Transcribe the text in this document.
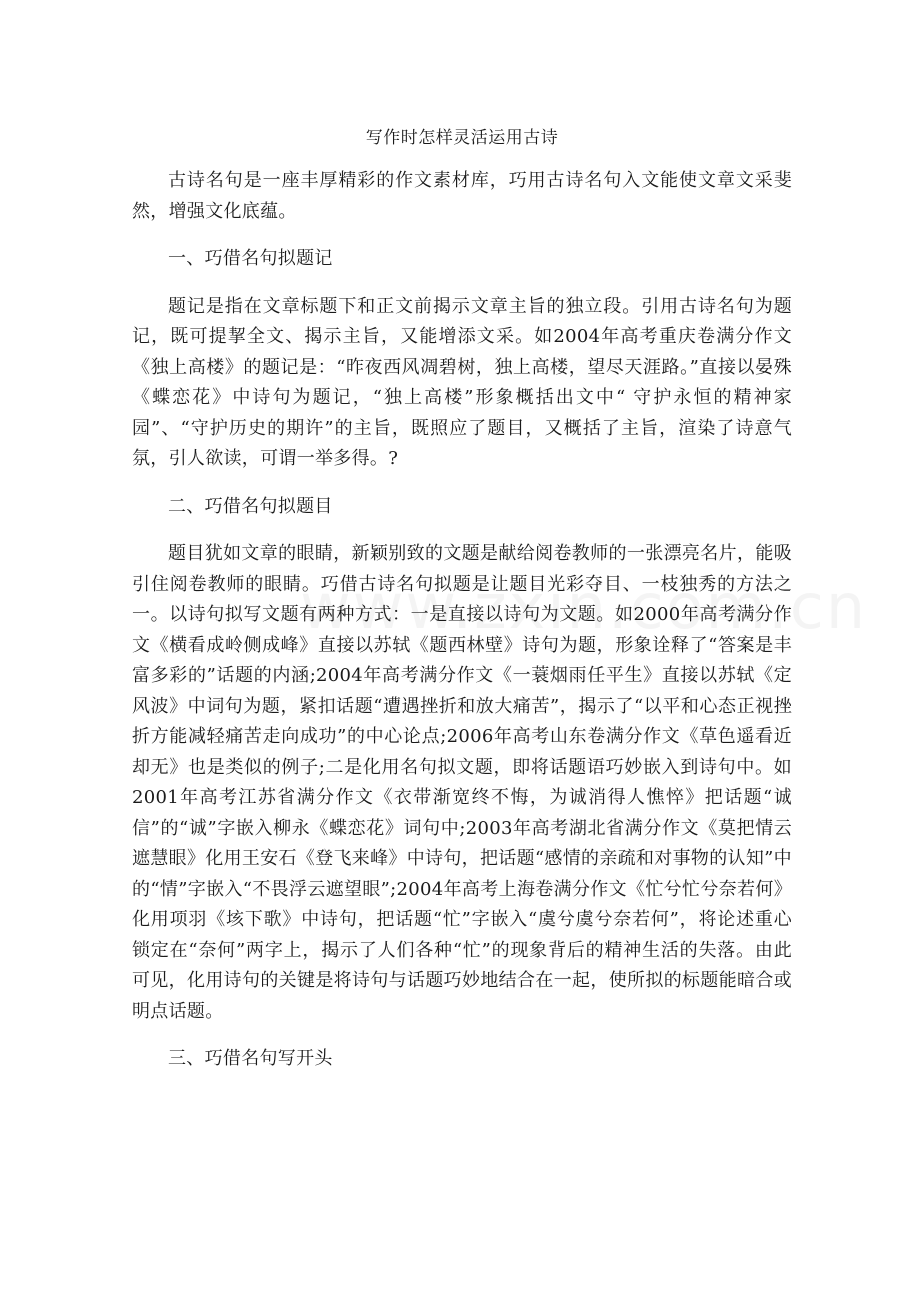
写作时怎样灵活运用古诗

古诗名句是一座丰厚精彩的作文素材库，巧用古诗名句入文能使文章文采斐然，增强文化底蕴。

一、巧借名句拟题记

题记是指在文章标题下和正文前揭示文章主旨的独立段。引用古诗名句为题记，既可提挈全文、揭示主旨，又能增添文采。如2004年高考重庆卷满分作文《独上高楼》的题记是：“昨夜西风凋碧树，独上高楼，望尽天涯路。”直接以晏殊《蝶恋花》中诗句为题记，“独上高楼”形象概括出文中“ 守护永恒的精神家园”、“守护历史的期许”的主旨，既照应了题目，又概括了主旨，渲染了诗意气氛，引人欲读，可谓一举多得。?

二、巧借名句拟题目

题目犹如文章的眼睛，新颖别致的文题是献给阅卷教师的一张漂亮名片，能吸引住阅卷教师的眼睛。巧借古诗名句拟题是让题目光彩夺目、一枝独秀的方法之一。以诗句拟写文题有两种方式：一是直接以诗句为文题。如2000年高考满分作文《横看成岭侧成峰》直接以苏轼《题西林壁》诗句为题，形象诠释了“答案是丰富多彩的”话题的内涵;2004年高考满分作文《一蓑烟雨任平生》直接以苏轼《定风波》中词句为题，紧扣话题“遭遇挫折和放大痛苦”，揭示了“以平和心态正视挫折方能减轻痛苦走向成功”的中心论点;2006年高考山东卷满分作文《草色遥看近却无》也是类似的例子;二是化用名句拟文题，即将话题语巧妙嵌入到诗句中。如2001年高考江苏省满分作文《衣带渐宽终不悔，为诚消得人憔悴》把话题“诚信”的“诚”字嵌入柳永《蝶恋花》词句中;2003年高考湖北省满分作文《莫把情云遮慧眼》化用王安石《登飞来峰》中诗句，把话题“感情的亲疏和对事物的认知”中的“情”字嵌入“不畏浮云遮望眼”;2004年高考上海卷满分作文《忙兮忙兮奈若何》化用项羽《垓下歌》中诗句，把话题“忙”字嵌入“虞兮虞兮奈若何”，将论述重心锁定在“奈何”两字上，揭示了人们各种“忙”的现象背后的精神生活的失落。由此可见，化用诗句的关键是将诗句与话题巧妙地结合在一起，使所拟的标题能暗合或明点话题。

三、巧借名句写开头
